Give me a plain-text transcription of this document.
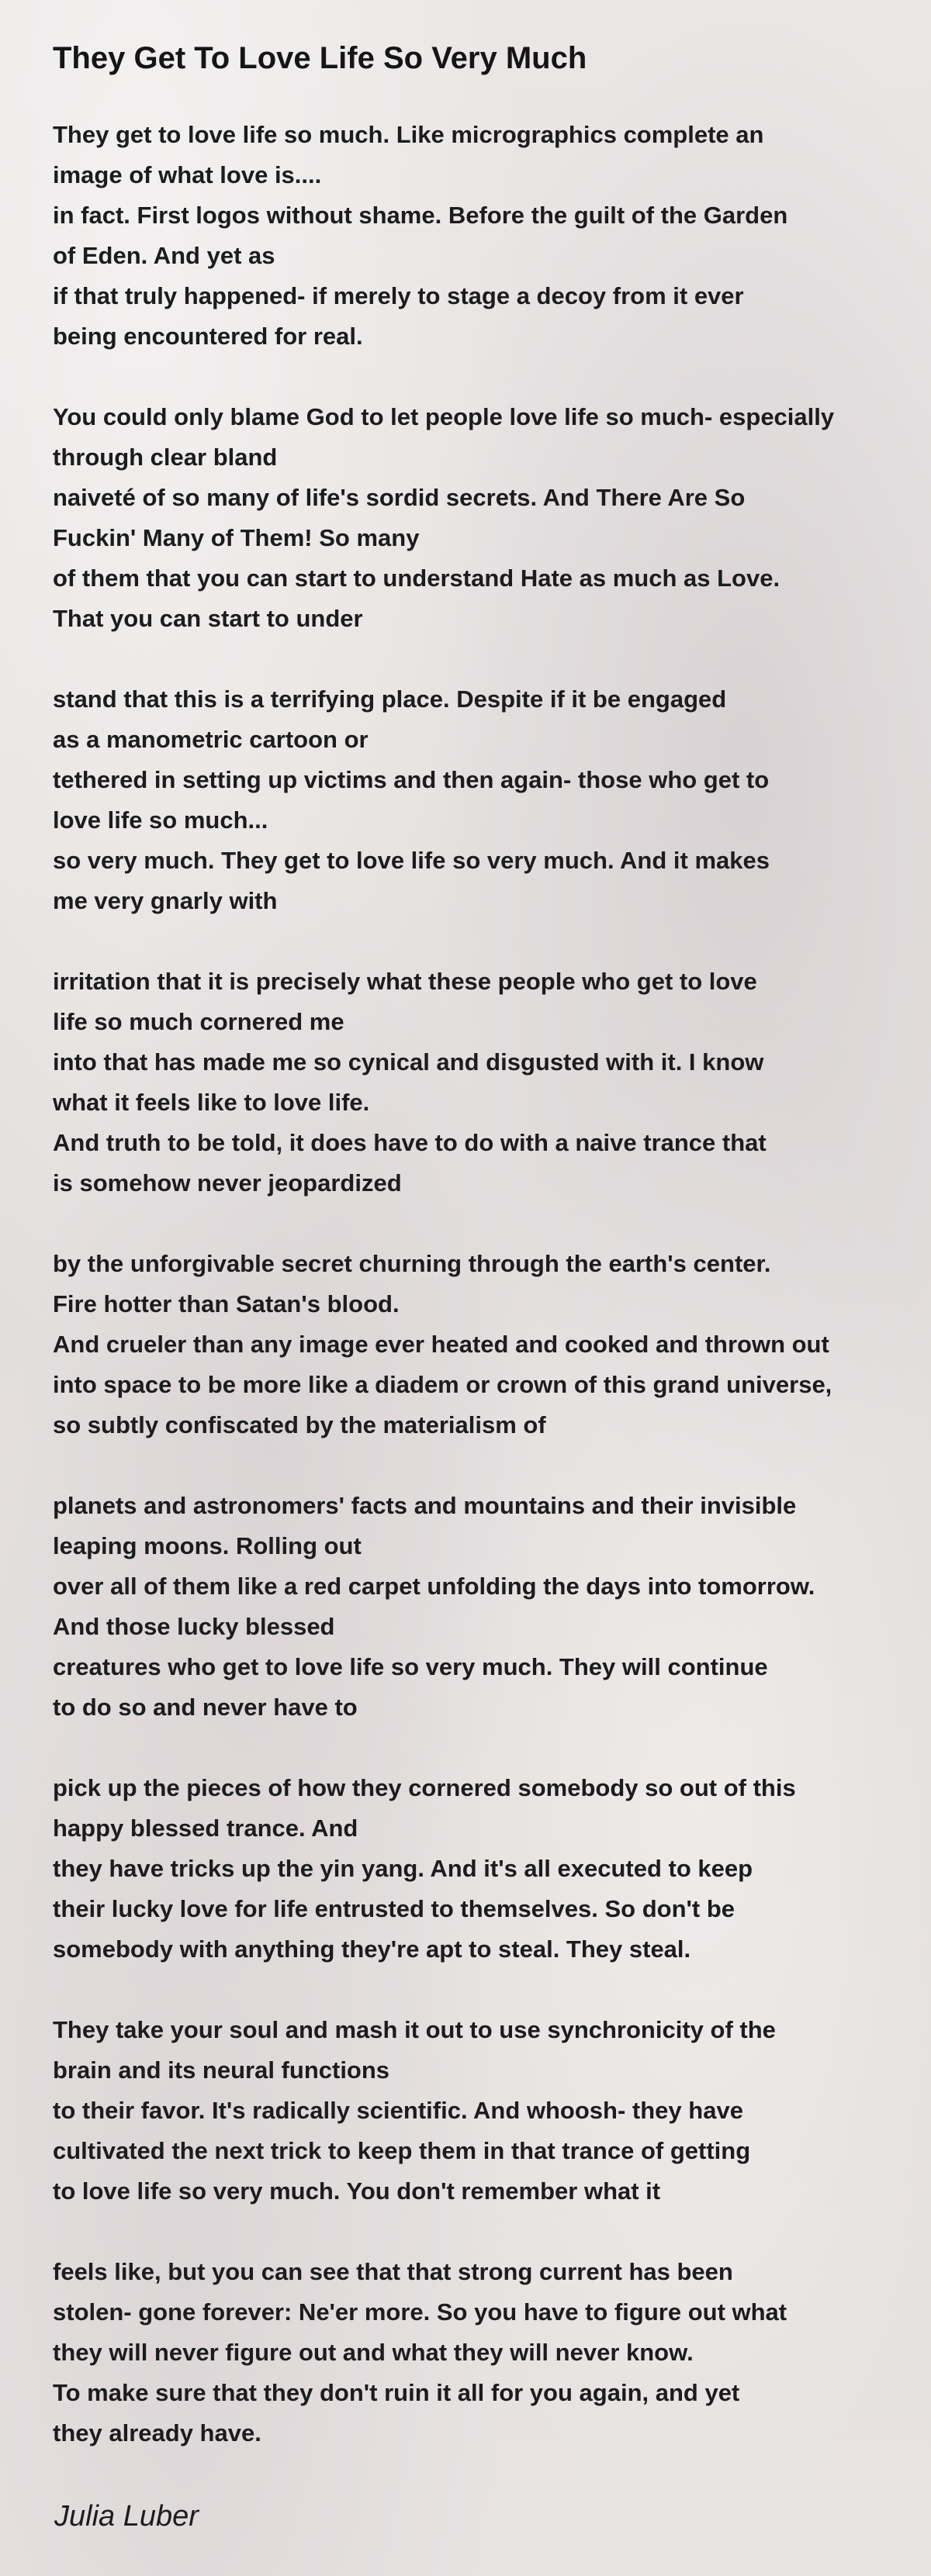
They Get To Love Life So Very Much
They get to love life so much. Like micrographics complete an
image of what love is....
in fact. First logos without shame. Before the guilt of the Garden
of Eden. And yet as
if that truly happened- if merely to stage a decoy from it ever
being encountered for real.
You could only blame God to let people love life so much- especially
through clear bland
naiveté of so many of life's sordid secrets. And There Are So
Fuckin' Many of Them! So many
of them that you can start to understand Hate as much as Love.
That you can start to under
stand that this is a terrifying place. Despite if it be engaged
as a manometric cartoon or
tethered in setting up victims and then again- those who get to
love life so much...
so very much. They get to love life so very much. And it makes
me very gnarly with
irritation that it is precisely what these people who get to love
life so much cornered me
into that has made me so cynical and disgusted with it. I know
what it feels like to love life.
And truth to be told, it does have to do with a naive trance that
is somehow never jeopardized
by the unforgivable secret churning through the earth's center.
Fire hotter than Satan's blood.
And crueler than any image ever heated and cooked and thrown out
into space to be more like a diadem or crown of this grand universe,
so subtly confiscated by the materialism of
planets and astronomers' facts and mountains and their invisible
leaping moons. Rolling out
over all of them like a red carpet unfolding the days into tomorrow.
And those lucky blessed
creatures who get to love life so very much. They will continue
to do so and never have to
pick up the pieces of how they cornered somebody so out of this
happy blessed trance. And
they have tricks up the yin yang. And it's all executed to keep
their lucky love for life entrusted to themselves. So don't be
somebody with anything they're apt to steal. They steal.
They take your soul and mash it out to use synchronicity of the
brain and its neural functions
to their favor. It's radically scientific. And whoosh- they have
cultivated the next trick to keep them in that trance of getting
to love life so very much. You don't remember what it
feels like, but you can see that that strong current has been
stolen- gone forever: Ne'er more. So you have to figure out what
they will never figure out and what they will never know.
To make sure that they don't ruin it all for you again, and yet
they already have.
Julia Luber
